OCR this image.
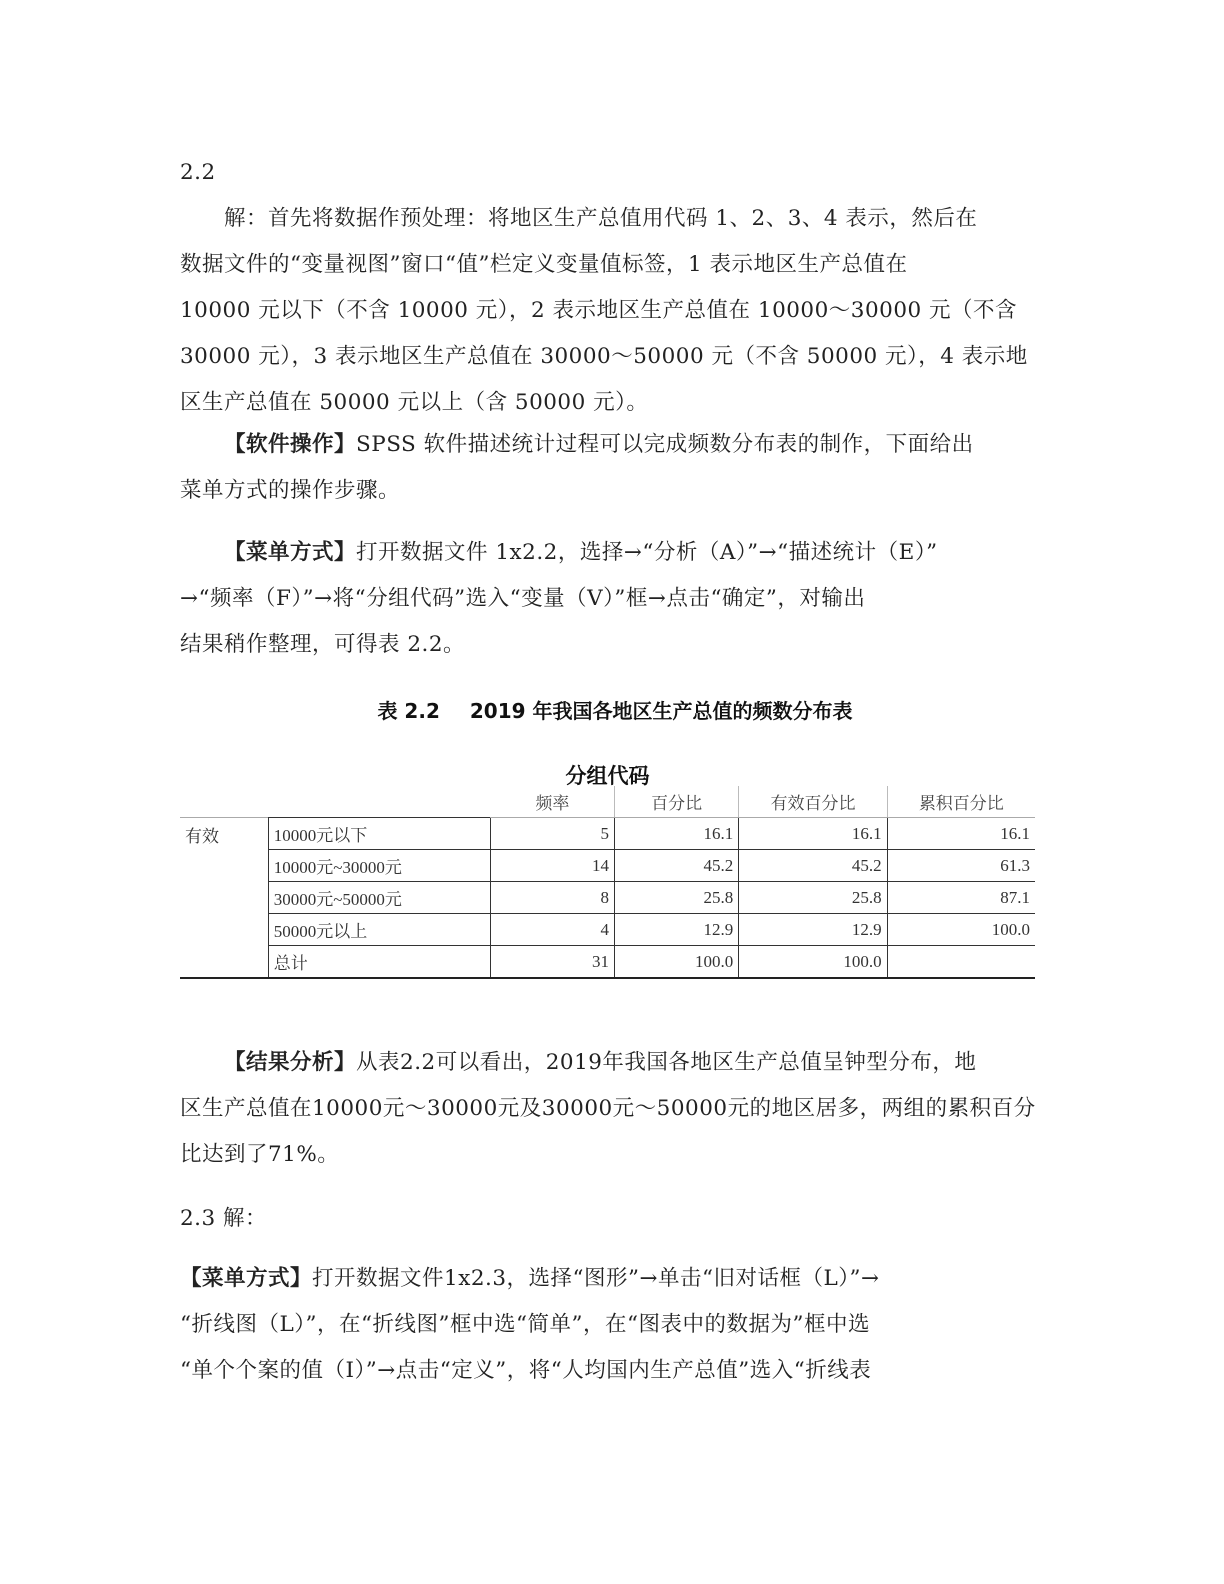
2.2
解：首先将数据作预处理：将地区生产总值用代码 1、2、3、4 表示，然后在
数据文件的“变量视图”窗口“值”栏定义变量值标签，1 表示地区生产总值在
10000 元以下（不含 10000 元），2 表示地区生产总值在 10000～30000 元（不含
30000 元），3 表示地区生产总值在 30000～50000 元（不含 50000 元），4 表示地
区生产总值在 50000 元以上（含 50000 元）。
【软件操作】SPSS 软件描述统计过程可以完成频数分布表的制作，下面给出
菜单方式的操作步骤。
【菜单方式】打开数据文件 1x2.2，选择→“分析（A）”→“描述统计（E）”
→“频率（F）”→将“分组代码”选入“变量（V）”框→点击“确定”，对输出
结果稍作整理，可得表 2.2。
表 2.2 2019 年我国各地区生产总值的频数分布表
分组代码
		频率	百分比	有效百分比	累积百分比
有效	10000元以下	5	16.1	16.1	16.1
	10000元~30000元	14	45.2	45.2	61.3
	30000元~50000元	8	25.8	25.8	87.1
	50000元以上	4	12.9	12.9	100.0
	总计	31	100.0	100.0	
【结果分析】从表2.2可以看出，2019年我国各地区生产总值呈钟型分布，地
区生产总值在10000元～30000元及30000元～50000元的地区居多，两组的累积百分
比达到了71%。
2.3 解：
【菜单方式】打开数据文件1x2.3，选择“图形”→单击“旧对话框（L）”→
“折线图（L）”，在“折线图”框中选“简单”，在“图表中的数据为”框中选
“单个个案的值（I）”→点击“定义”，将“人均国内生产总值”选入“折线表
